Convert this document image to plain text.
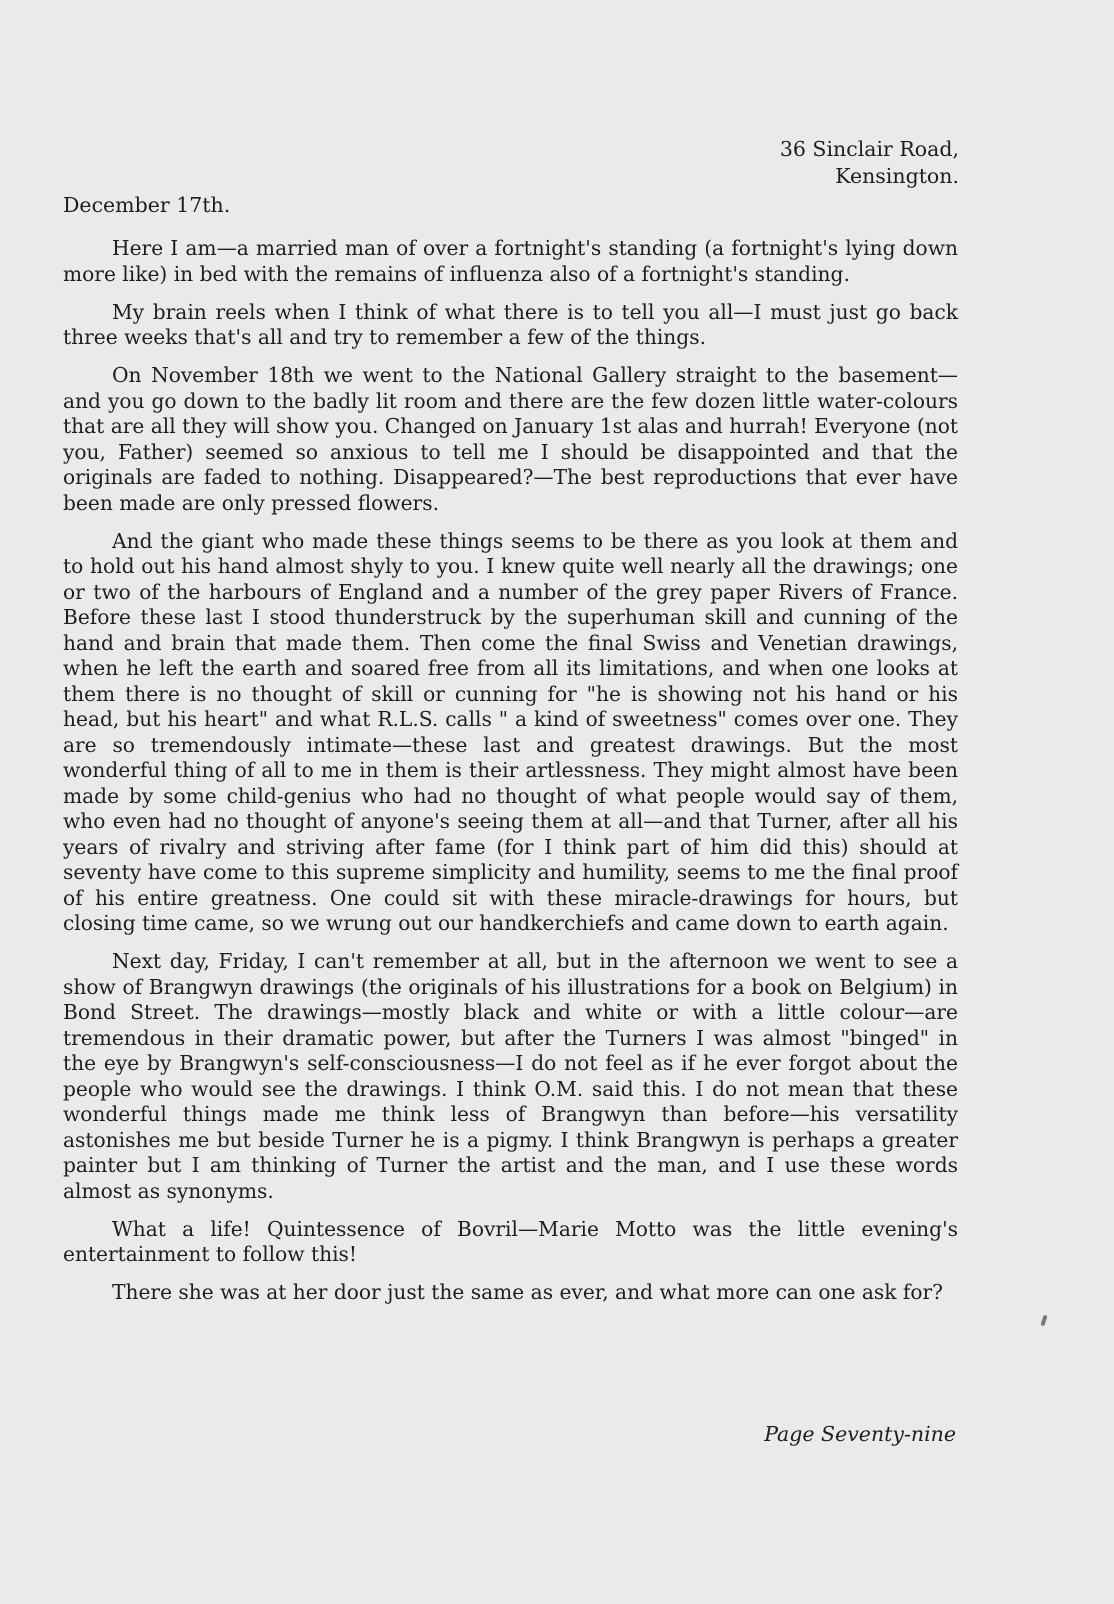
36 Sinclair Road,
Kensington.
December 17th.

Here I am—a married man of over a fortnight's standing (a fortnight's lying down more like) in bed with the remains of influenza also of a fortnight's standing.

My brain reels when I think of what there is to tell you all—I must just go back three weeks that's all and try to remember a few of the things.

On November 18th we went to the National Gallery straight to the basement—and you go down to the badly lit room and there are the few dozen little water-colours that are all they will show you. Changed on January 1st alas and hurrah! Everyone (not you, Father) seemed so anxious to tell me I should be disappointed and that the originals are faded to nothing. Disappeared?—The best reproductions that ever have been made are only pressed flowers.

And the giant who made these things seems to be there as you look at them and to hold out his hand almost shyly to you. I knew quite well nearly all the drawings; one or two of the harbours of England and a number of the grey paper Rivers of France. Before these last I stood thunderstruck by the superhuman skill and cunning of the hand and brain that made them. Then come the final Swiss and Venetian drawings, when he left the earth and soared free from all its limitations, and when one looks at them there is no thought of skill or cunning for "he is showing not his hand or his head, but his heart" and what R.L.S. calls " a kind of sweetness" comes over one. They are so tremendously intimate—these last and greatest drawings. But the most wonderful thing of all to me in them is their artlessness. They might almost have been made by some child-genius who had no thought of what people would say of them, who even had no thought of anyone's seeing them at all—and that Turner, after all his years of rivalry and striving after fame (for I think part of him did this) should at seventy have come to this supreme simplicity and humility, seems to me the final proof of his entire greatness. One could sit with these miracle-drawings for hours, but closing time came, so we wrung out our handkerchiefs and came down to earth again.

Next day, Friday, I can't remember at all, but in the afternoon we went to see a show of Brangwyn drawings (the originals of his illustrations for a book on Belgium) in Bond Street. The drawings—mostly black and white or with a little colour—are tremendous in their dramatic power, but after the Turners I was almost "binged" in the eye by Brangwyn's self-consciousness—I do not feel as if he ever forgot about the people who would see the drawings. I think O.M. said this. I do not mean that these wonderful things made me think less of Brangwyn than before—his versatility astonishes me but beside Turner he is a pigmy. I think Brangwyn is perhaps a greater painter but I am thinking of Turner the artist and the man, and I use these words almost as synonyms.

What a life! Quintessence of Bovril—Marie Motto was the little evening's entertainment to follow this!

There she was at her door just the same as ever, and what more can one ask for?

Page Seventy-nine
